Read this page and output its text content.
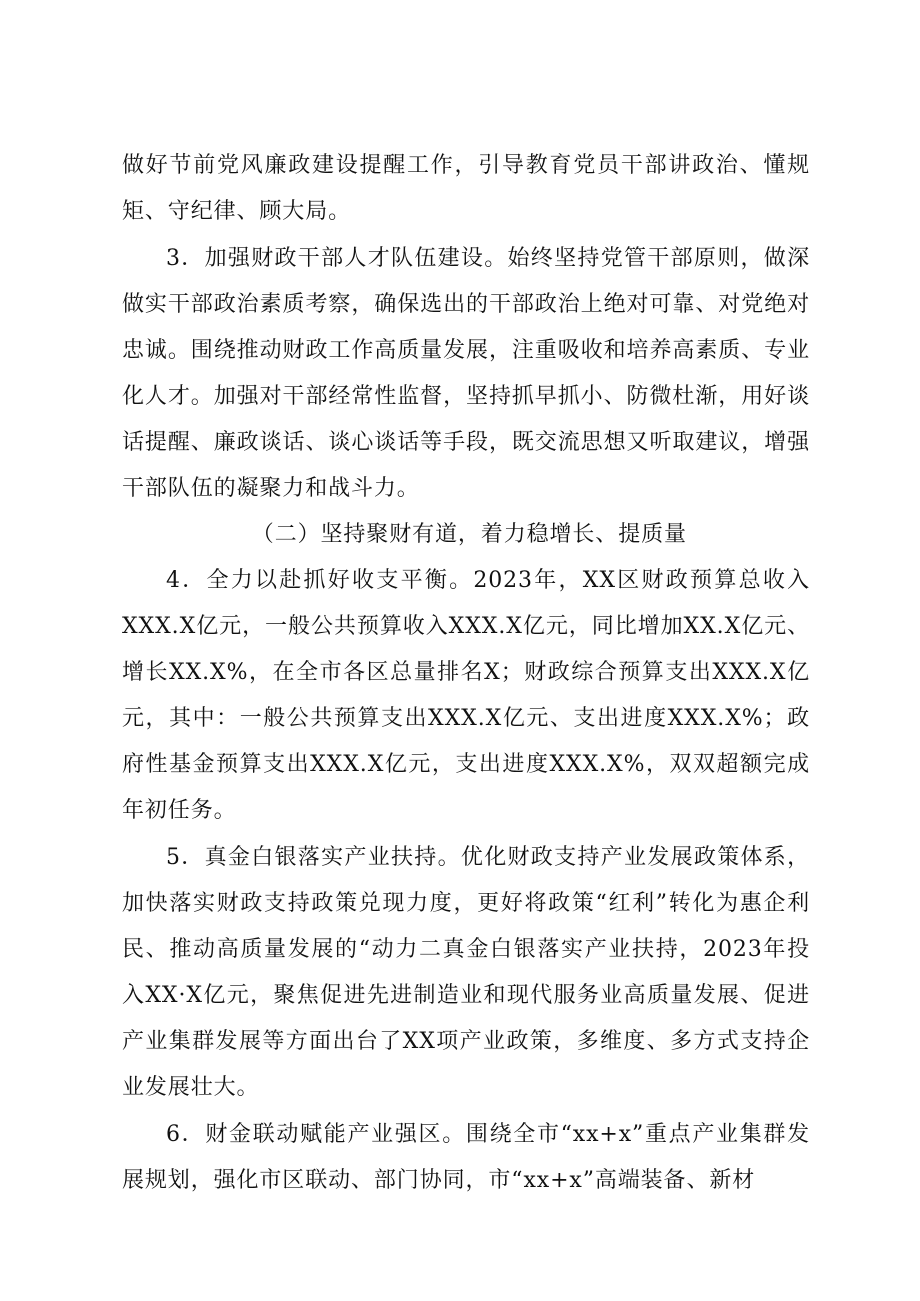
做好节前党风廉政建设提醒工作，引导教育党员干部讲政治、懂规矩、守纪律、顾大局。

3．加强财政干部人才队伍建设。始终坚持党管干部原则，做深做实干部政治素质考察，确保选出的干部政治上绝对可靠、对党绝对忠诚。围绕推动财政工作高质量发展，注重吸收和培养高素质、专业化人才。加强对干部经常性监督，坚持抓早抓小、防微杜渐，用好谈话提醒、廉政谈话、谈心谈话等手段，既交流思想又听取建议，增强干部队伍的凝聚力和战斗力。

（二）坚持聚财有道，着力稳增长、提质量

4．全力以赴抓好收支平衡。2023年，XX区财政预算总收入XXX.X亿元，一般公共预算收入XXX.X亿元，同比增加XX.X亿元、增长XX.X%，在全市各区总量排名X；财政综合预算支出XXX.X亿元，其中：一般公共预算支出XXX.X亿元、支出进度XXX.X%；政府性基金预算支出XXX.X亿元，支出进度XXX.X%，双双超额完成年初任务。

5．真金白银落实产业扶持。优化财政支持产业发展政策体系，加快落实财政支持政策兑现力度，更好将政策“红利”转化为惠企利民、推动高质量发展的“动力二真金白银落实产业扶持，2023年投入XX·X亿元，聚焦促进先进制造业和现代服务业高质量发展、促进产业集群发展等方面出台了XX项产业政策，多维度、多方式支持企业发展壮大。

6．财金联动赋能产业强区。围绕全市“xx+x”重点产业集群发展规划，强化市区联动、部门协同，市“xx+x”高端装备、新材
